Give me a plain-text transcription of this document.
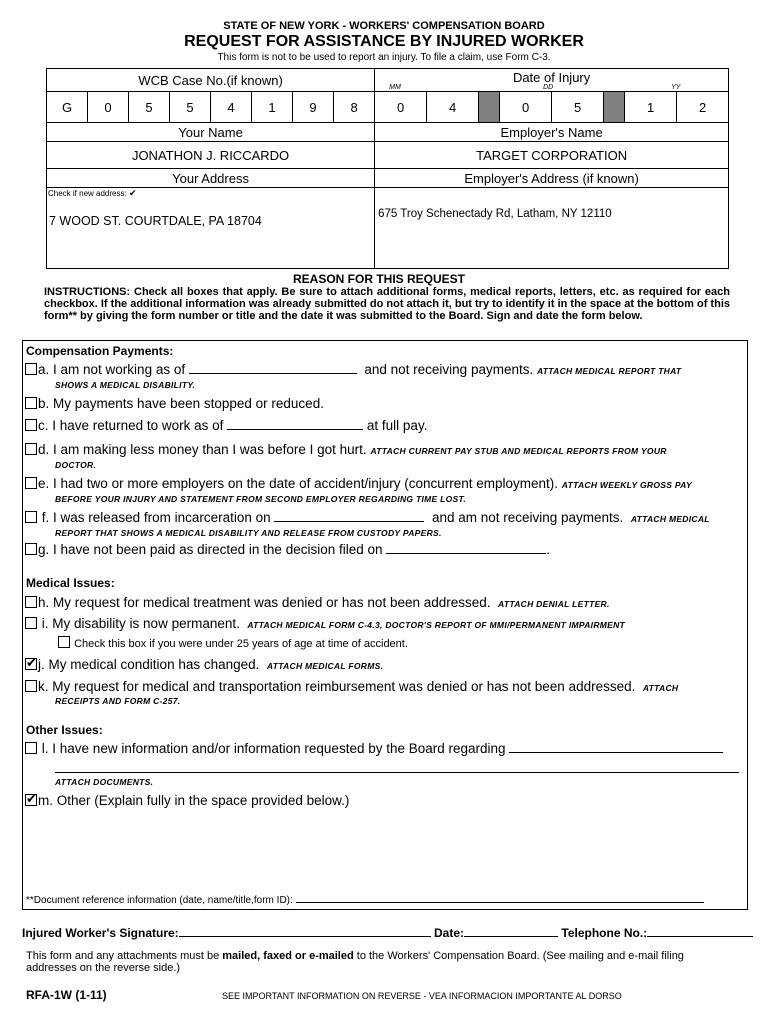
STATE OF NEW YORK - WORKERS' COMPENSATION BOARD
REQUEST FOR ASSISTANCE BY INJURED WORKER
This form is not to be used to report an injury. To file a claim, use Form C-3.
WCB Case No.(if known)								Date of Injury
MM DD YY							

G	0	5	5	4	1	9	8	0	4		0	5		1	2
Your Name								Employer's Name							
JONATHON J. RICCARDO								TARGET CORPORATION							
Your Address								Employer's Address (if known)							

Check if new address: ✔
7 WOOD ST. COURTDALE, PA 18704								675 Troy Schenectady Rd, Latham, NY 12110							
REASON FOR THIS REQUEST
INSTRUCTIONS: Check all boxes that apply. Be sure to attach additional forms, medical reports, letters, etc. as required for each checkbox. If the additional information was already submitted do not attach it, but try to identify it in the space at the bottom of this form** by giving the form number or title and the date it was submitted to the Board. Sign and date the form below.
Compensation Payments:
a. I am not working as of	and not receiving payments. ATTACH MEDICAL REPORT THAT
SHOWS A MEDICAL DISABILITY.
b. My payments have been stopped or reduced.
c. I have returned to work as of	at full pay.
d. I am making less money than I was before I got hurt. ATTACH CURRENT PAY STUB AND MEDICAL REPORTS FROM YOUR
DOCTOR.
e. I had two or more employers on the date of accident/injury (concurrent employment). ATTACH WEEKLY GROSS PAY
BEFORE YOUR INJURY AND STATEMENT FROM SECOND EMPLOYER REGARDING TIME LOST.
f. I was released from incarceration on	and am not receiving payments. ATTACH MEDICAL
REPORT THAT SHOWS A MEDICAL DISABILITY AND RELEASE FROM CUSTODY PAPERS.
g. I have not been paid as directed in the decision filed on	.
Medical Issues:
h. My request for medical treatment was denied or has not been addressed. ATTACH DENIAL LETTER.
i. My disability is now permanent. ATTACH MEDICAL FORM C-4.3, DOCTOR'S REPORT OF MMI/PERMANENT IMPAIRMENT
Check this box if you were under 25 years of age at time of accident.
✔j. My medical condition has changed. ATTACH MEDICAL FORMS.
k. My request for medical and transportation reimbursement was denied or has not been addressed. ATTACH
RECEIPTS AND FORM C-257.
Other Issues:
l. I have new information and/or information requested by the Board regarding
ATTACH DOCUMENTS.
✔m. Other (Explain fully in the space provided below.)
**Document reference information (date, name/title,form ID):
Injured Worker's Signature:	Date:	Telephone No.:
This form and any attachments must be mailed, faxed or e-mailed to the Workers' Compensation Board. (See mailing and e-mail filing addresses on the reverse side.)
RFA-1W (1-11)	SEE IMPORTANT INFORMATION ON REVERSE - VEA INFORMACION IMPORTANTE AL DORSO
